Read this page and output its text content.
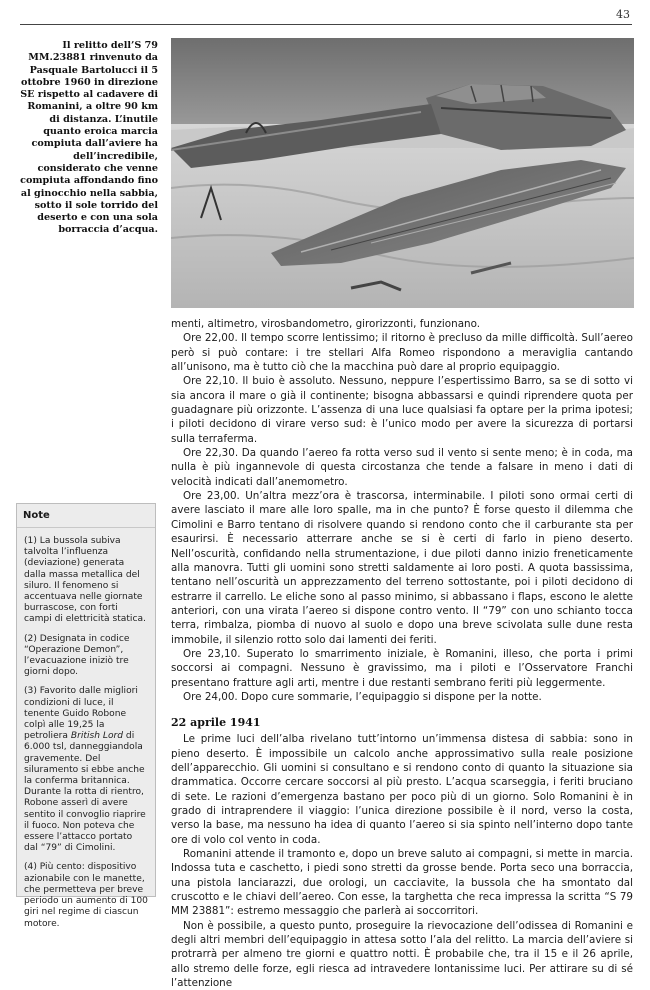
43
Il relitto dell’S 79 MM.23881 rinvenuto da Pasquale Bartolucci il 5 ottobre 1960 in direzione SE rispetto al cadavere di Romanini, a oltre 90 km di distanza. L’inutile quanto eroica marcia compiuta dall’aviere ha dell’incredibile, considerato che venne compiuta affondando fino al ginocchio nella sabbia, sotto il sole torrido del deserto e con una sola borraccia d’acqua.

menti, altimetro, virosbandometro, girorizzonti, funzionano.

Ore 22,00. Il tempo scorre lentissimo; il ritorno è precluso da mille difficoltà. Sull’aereo però si può contare: i tre stellari Alfa Romeo rispondono a meraviglia cantando all’unisono, ma è tutto ciò che la macchina può dare al proprio equipaggio.

Ore 22,10. Il buio è assoluto. Nessuno, neppure l’espertissimo Barro, sa se di sotto vi sia ancora il mare o già il continente; bisogna abbassarsi e quindi riprendere quota per guadagnare più orizzonte. L’assenza di una luce qualsiasi fa optare per la prima ipotesi; i piloti decidono di virare verso sud: è l’unico modo per avere la sicurezza di portarsi sulla terraferma.

Ore 22,30. Da quando l’aereo fa rotta verso sud il vento si sente meno; è in coda, ma nulla è più ingannevole di questa circostanza che tende a falsare in meno i dati di velocità indicati dall’anemometro.

Ore 23,00. Un’altra mezz’ora è trascorsa, interminabile. I piloti sono ormai certi di avere lasciato il mare alle loro spalle, ma in che punto? È forse questo il dilemma che Cimolini e Barro tentano di risolvere quando si rendono conto che il carburante sta per esaurirsi. È necessario atterrare anche se si è certi di farlo in pieno deserto. Nell’oscurità, confidando nella strumentazione, i due piloti danno inizio freneticamente alla manovra. Tutti gli uomini sono stretti saldamente ai loro posti. A quota bassissima, tentano nell’oscurità un apprezzamento del terreno sottostante, poi i piloti decidono di estrarre il carrello. Le eliche sono al passo minimo, si abbassano i flaps, escono le alette anteriori, con una virata l’aereo si dispone contro vento. Il “79” con uno schianto tocca terra, rimbalza, piomba di nuovo al suolo e dopo una breve scivolata sulle dune resta immobile, il silenzio rotto solo dai lamenti dei feriti.

Ore 23,10. Superato lo smarrimento iniziale, è Romanini, illeso, che porta i primi soccorsi ai compagni. Nessuno è gravissimo, ma i piloti e l’Osservatore Franchi presentano fratture agli arti, mentre i due restanti sembrano feriti più leggermente.

Ore 24,00. Dopo cure sommarie, l’equipaggio si dispone per la notte.

22 aprile 1941

Le prime luci dell’alba rivelano tutt’intorno un’immensa distesa di sabbia: sono in pieno deserto. È impossibile un calcolo anche approssimativo sulla reale posizione dell’apparecchio. Gli uomini si consultano e si rendono conto di quanto la situazione sia drammatica. Occorre cercare soccorsi al più presto. L’acqua scarseggia, i feriti bruciano di sete. Le razioni d’emergenza bastano per poco più di un giorno. Solo Romanini è in grado di intraprendere il viaggio: l’unica direzione possibile è il nord, verso la costa, verso la base, ma nessuno ha idea di quanto l’aereo si sia spinto nell’interno dopo tante ore di volo col vento in coda.

Romanini attende il tramonto e, dopo un breve saluto ai compagni, si mette in marcia. Indossa tuta e caschetto, i piedi sono stretti da grosse bende. Porta seco una borraccia, una pistola lanciarazzi, due orologi, un cacciavite, la bussola che ha smontato dal cruscotto e le chiavi dell’aereo. Con esse, la targhetta che reca impressa la scritta “S 79 MM 23881”: estremo messaggio che parlerà ai soccorritori.

Non è possibile, a questo punto, proseguire la rievocazione dell’odissea di Romanini e degli altri membri dell’equipaggio in attesa sotto l’ala del relitto. La marcia dell’aviere si protrarrà per almeno tre giorni e quattro notti. È probabile che, tra il 15 e il 26 aprile, allo stremo delle forze, egli riesca ad intravedere lontanissime luci. Per attirare su di sé l’attenzione

Note
(1) La bussola subiva talvolta l’influenza (deviazione) generata dalla massa metallica del siluro. Il fenomeno si accentuava nelle giornate burrascose, con forti campi di elettricità statica.
(2) Designata in codice “Operazione Demon”, l’evacuazione iniziò tre giorni dopo.
(3) Favorito dalle migliori condizioni di luce, il tenente Guido Robone colpì alle 19,25 la petroliera British Lord di 6.000 tsl, danneggiandola gravemente. Del siluramento si ebbe anche la conferma britannica. Durante la rotta di rientro, Robone asserì di avere sentito il convoglio riaprire il fuoco. Non poteva che essere l’attacco portato dal “79” di Cimolini.
(4) Più cento: dispositivo azionabile con le manette, che permetteva per breve periodo un aumento di 100 giri nel regime di ciascun motore.
